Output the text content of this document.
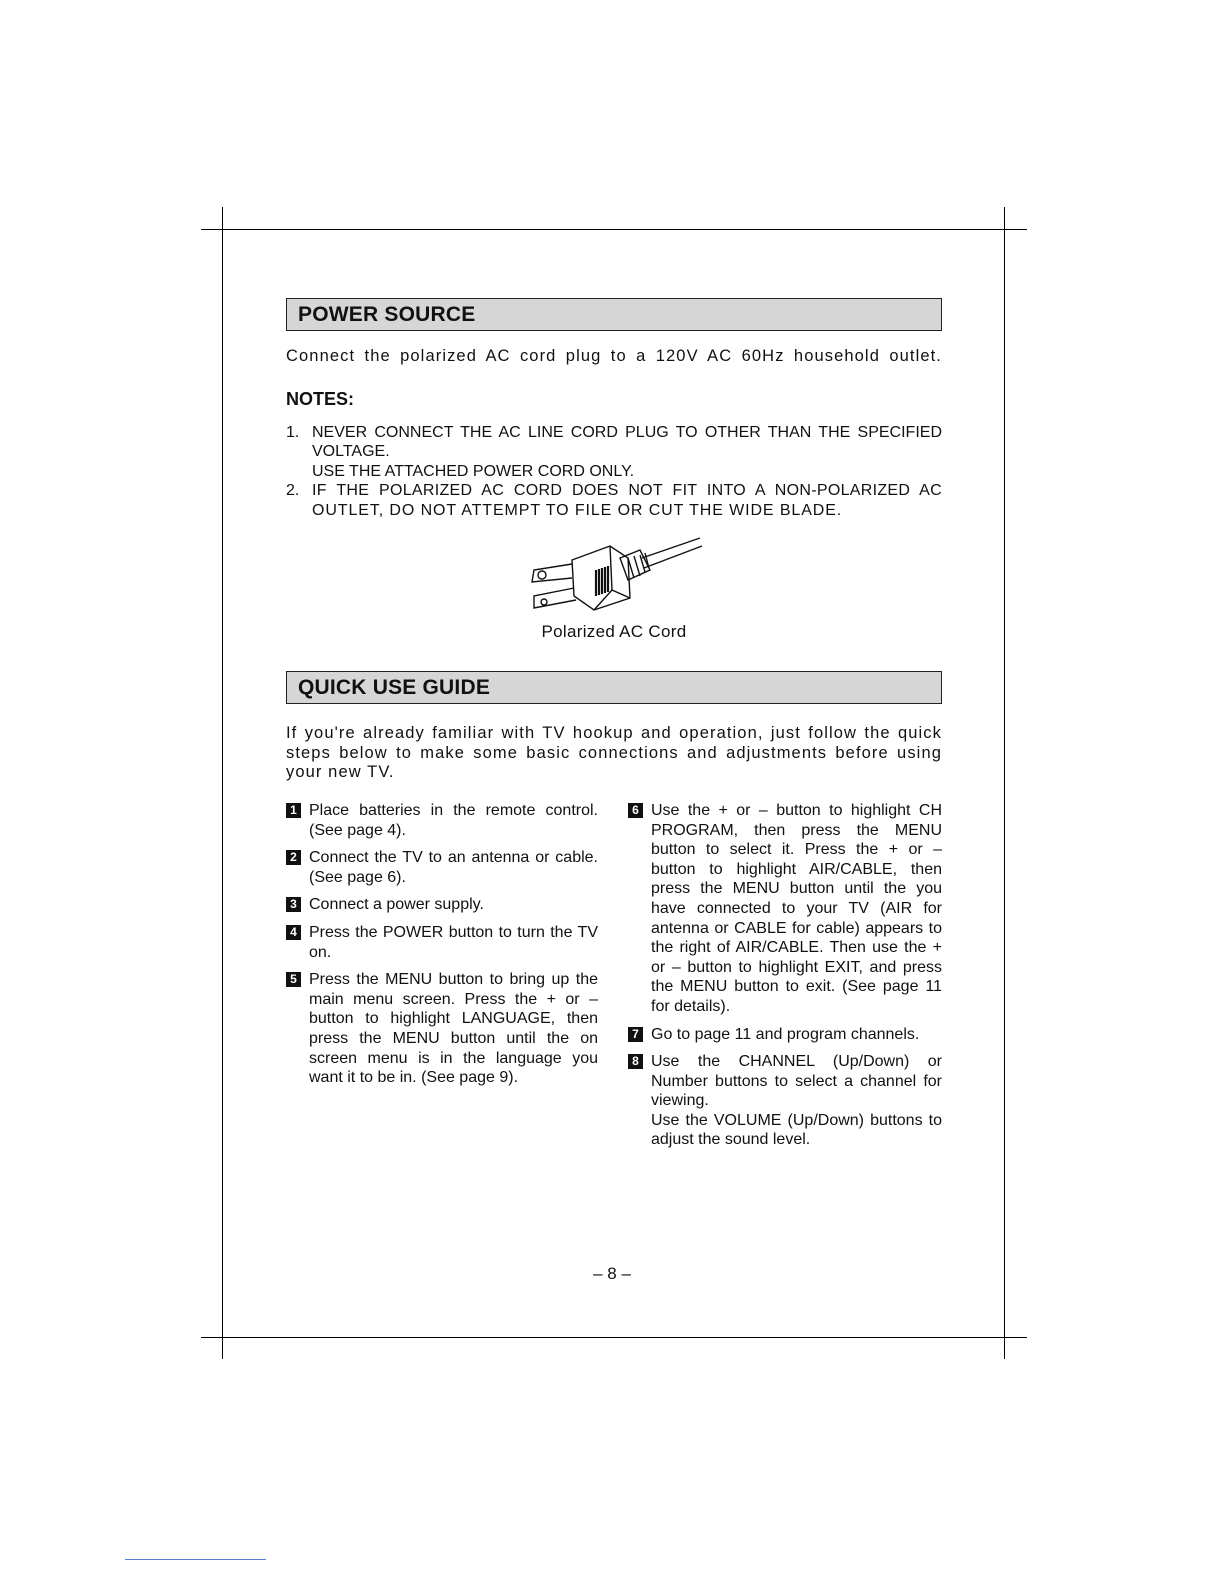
POWER SOURCE
Connect the polarized AC cord plug to a 120V AC 60Hz household outlet.
NOTES:
1. NEVER CONNECT THE AC LINE CORD PLUG TO OTHER THAN THE SPECIFIED VOLTAGE.

USE THE ATTACHED POWER CORD ONLY.

2. IF THE POLARIZED AC CORD DOES NOT FIT INTO A NON-POLARIZED AC

OUTLET, DO NOT ATTEMPT TO FILE OR CUT THE WIDE BLADE.

Polarized AC Cord
QUICK USE GUIDE
If you're already familiar with TV hookup and operation, just follow the quick steps below to make some basic connections and adjustments before using your new TV.
1 Place batteries in the remote control. (See page 4).

2 Connect the TV to an antenna or cable. (See page 6).

3 Connect a power supply.

4 Press the POWER button to turn the TV on.

5 Press the MENU button to bring up the main menu screen. Press the + or – button to highlight LANGUAGE, then press the MENU button until the on screen menu is in the language you want it to be in. (See page 9).

6 Use the + or – button to highlight CH PROGRAM, then press the MENU button to select it. Press the + or – button to highlight AIR/CABLE, then press the MENU button until the you have connected to your TV (AIR for antenna or CABLE for cable) appears to the right of AIR/CABLE. Then use the + or – button to highlight EXIT, and press the MENU button to exit. (See page 11 for details).

7 Go to page 11 and program channels.

8 Use the CHANNEL (Up/Down) or Number buttons to select a channel for viewing.

Use the VOLUME (Up/Down) buttons to adjust the sound level.

– 8 –
